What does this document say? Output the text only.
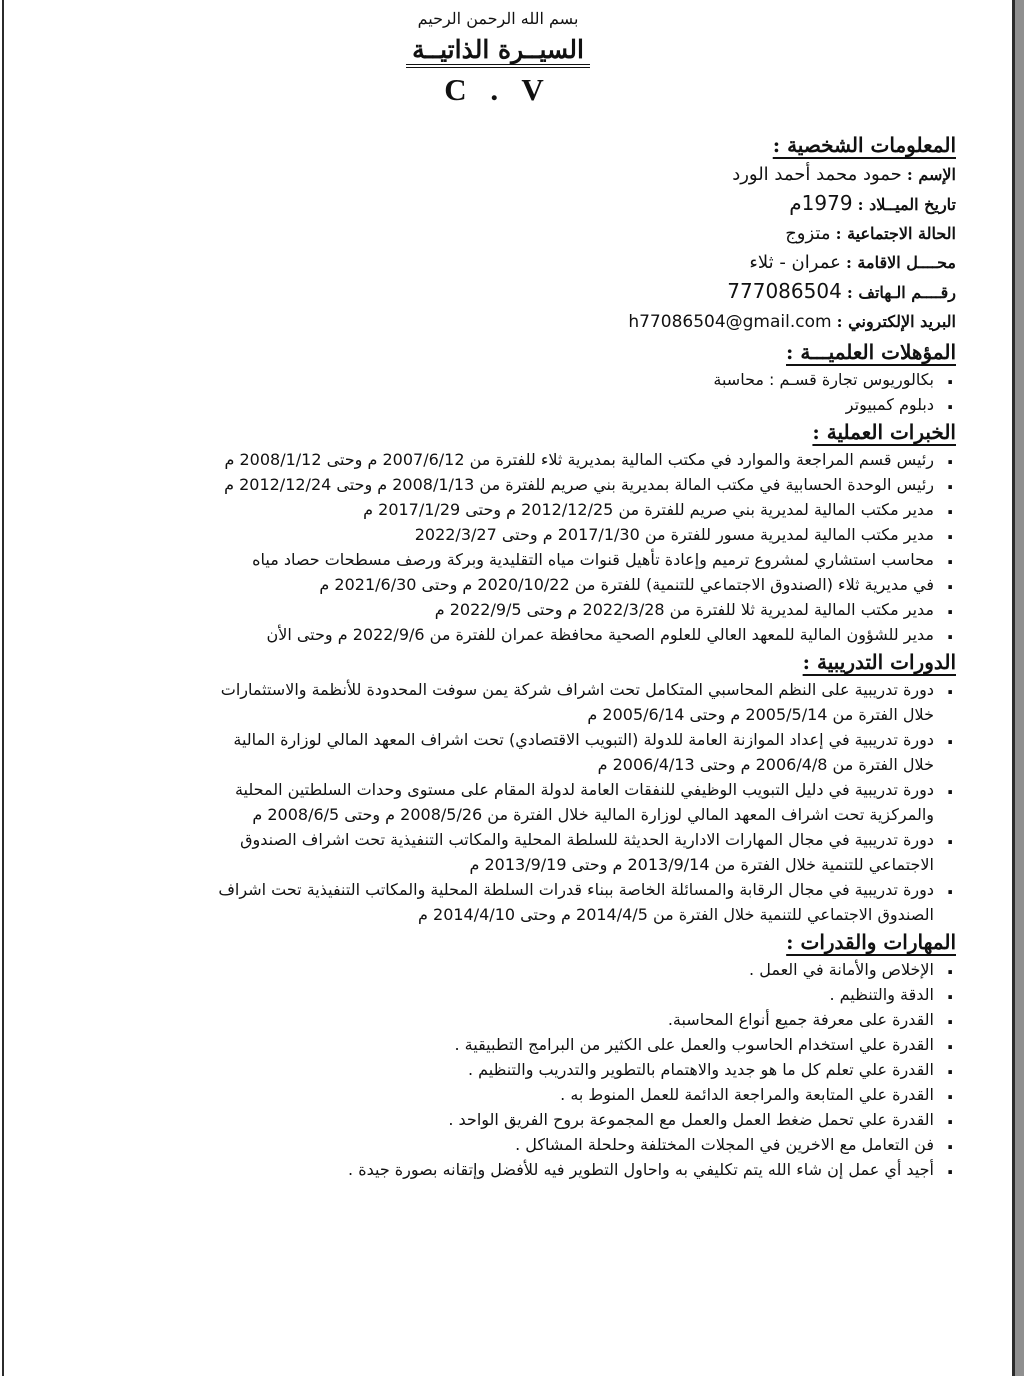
بسم الله الرحمن الرحيم
السيــرة الذاتيــة
C . V
المعلومات الشخصية :
الإسم : حمود محمد أحمد الورد
تاريخ الميــلاد : 1979م
الحالة الاجتماعية : متزوج
محــــل الاقامة : عمران - ثلاء
رقــــم الـهاتف : 777086504
البريد الإلكتروني : h77086504@gmail.com
المؤهلات العلميـــة :
. بكالوريوس تجارة قسـم : محاسبة
. دبلوم كمبيوتر
الخبرات العملية :
. رئيس قسم المراجعة والموارد في مكتب المالية بمديرية ثلاء للفترة من 2007/6/12 م وحتى 2008/1/12 م
. رئيس الوحدة الحسابية في مكتب المالة بمديرية بني صريم للفترة من 2008/1/13 م وحتى 2012/12/24 م
. مدير مكتب المالية لمديرية بني صريم للفترة من 2012/12/25 م وحتى 2017/1/29 م
. مدير مكتب المالية لمديرية مسور للفترة من 2017/1/30 م وحتى 2022/3/27
. محاسب استشاري لمشروع ترميم وإعادة تأهيل قنوات مياه التقليدية وبركة ورصف مسطحات حصاد مياه
. في مديرية ثلاء (الصندوق الاجتماعي للتنمية) للفترة من 2020/10/22 م وحتى 2021/6/30 م
. مدير مكتب المالية لمديرية ثلا للفترة من 2022/3/28 م وحتى 2022/9/5 م
. مدير للشؤون المالية للمعهد العالي للعلوم الصحية محافظة عمران للفترة من 2022/9/6 م وحتى الأن
الدورات التدريبية :
. دورة تدريبية على النظم المحاسبي المتكامل تحت اشراف شركة يمن سوفت المحدودة للأنظمة والاستثمارات
خلال الفترة من 2005/5/14 م وحتى 2005/6/14 م
. دورة تدريبية في إعداد الموازنة العامة للدولة (التبويب الاقتصادي) تحت اشراف المعهد المالي لوزارة المالية
خلال الفترة من 2006/4/8 م وحتى 2006/4/13 م
. دورة تدريبية في دليل التبويب الوظيفي للنفقات العامة لدولة المقام على مستوى وحدات السلطتين المحلية
والمركزية تحت اشراف المعهد المالي لوزارة المالية خلال الفترة من 2008/5/26 م وحتى 2008/6/5 م
. دورة تدريبية في مجال المهارات الادارية الحديثة للسلطة المحلية والمكاتب التنفيذية تحت اشراف الصندوق
الاجتماعي للتنمية خلال الفترة من 2013/9/14 م وحتى 2013/9/19 م
. دورة تدريبية في مجال الرقابة والمسائلة الخاصة ببناء قدرات السلطة المحلية والمكاتب التنفيذية تحت اشراف
الصندوق الاجتماعي للتنمية خلال الفترة من 2014/4/5 م وحتى 2014/4/10 م
المهارات والقدرات :
. الإخلاص والأمانة في العمل .
. الدقة والتنظيم .
. القدرة على معرفة جميع أنواع المحاسبة.
. القدرة علي استخدام الحاسوب والعمل على الكثير من البرامج التطبيقية .
. القدرة علي تعلم كل ما هو جديد والاهتمام بالتطوير والتدريب والتنظيم .
. القدرة علي المتابعة والمراجعة الدائمة للعمل المنوط به .
. القدرة علي تحمل ضغط العمل والعمل مع المجموعة بروح الفريق الواحد .
. فن التعامل مع الاخرين في المجلات المختلفة وحلحلة المشاكل .
. أجيد أي عمل إن شاء الله يتم تكليفي به واحاول التطوير فيه للأفضل وإتقانه بصورة جيدة .
